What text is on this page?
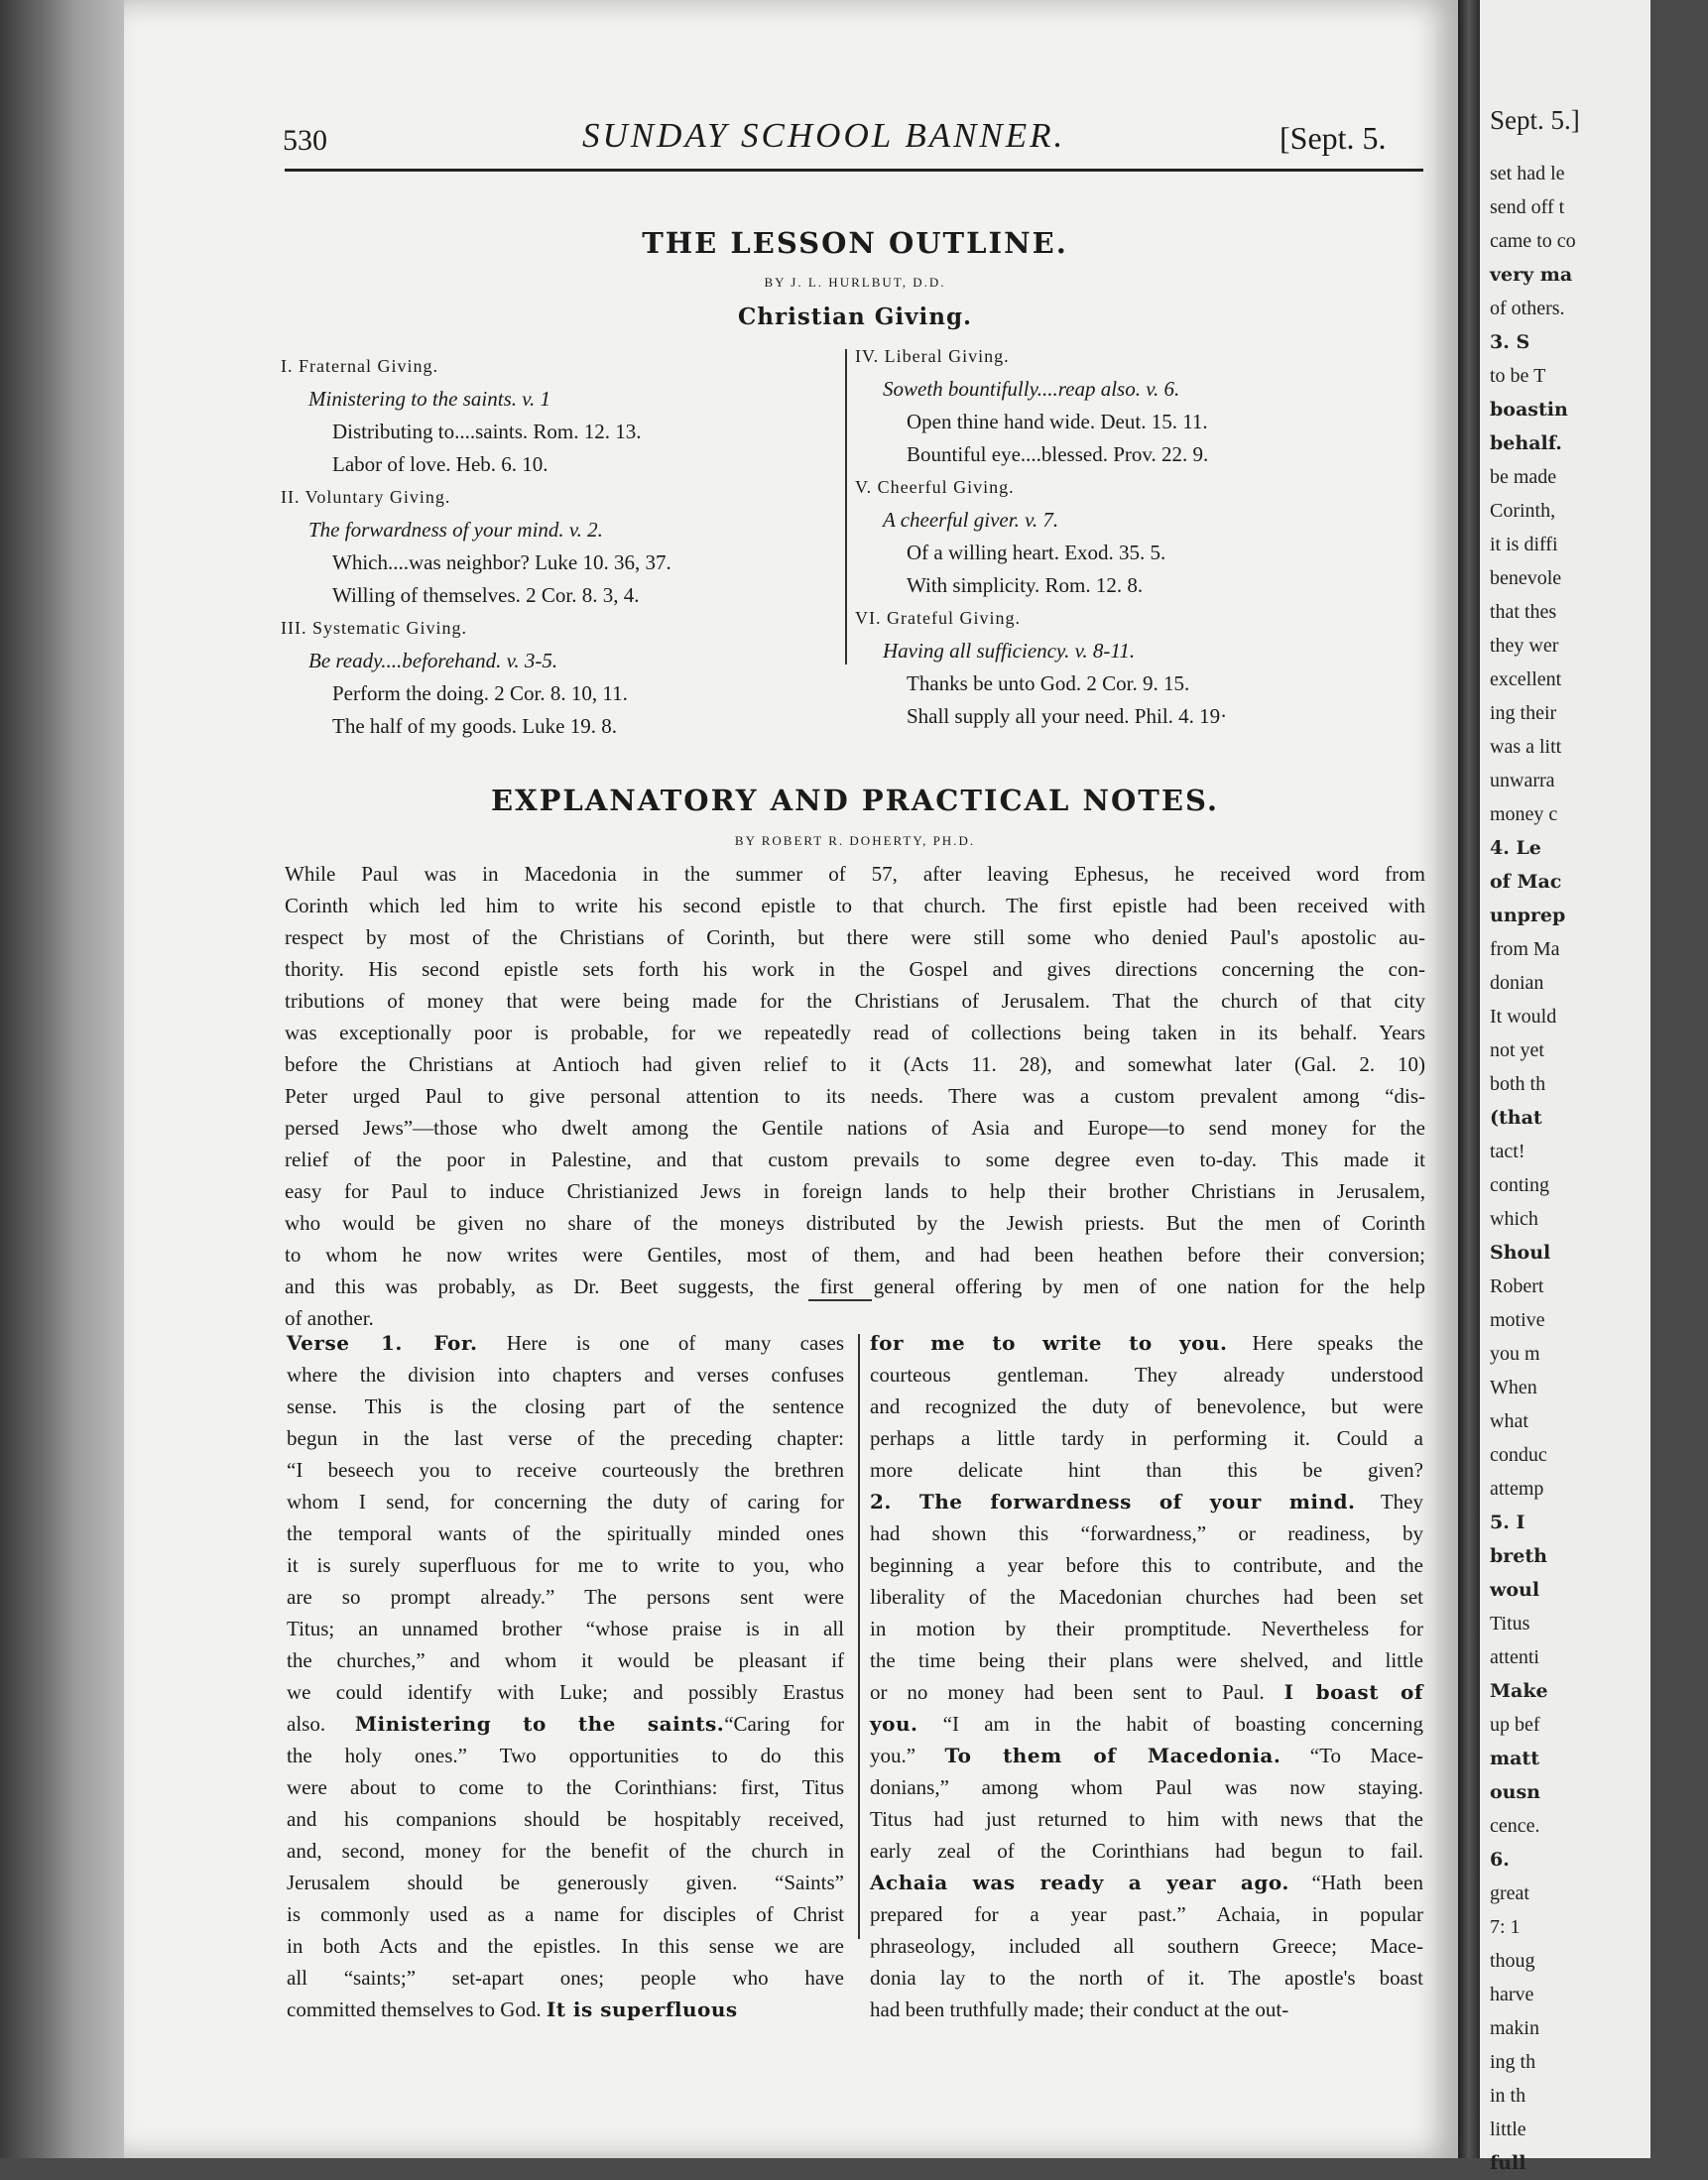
Sept. 5.]
set had le
send off t
came to co
very ma
of others.
3. S
to be T
boastin
behalf.
be made
Corinth,
it is diffi
benevole
that thes
they wer
excellent
ing their
was a litt
unwarra
money c
4. Le
of Mac
unprep
from Ma
donian
It would
not yet
both th
(that
tact!
conting
which
Shoul
Robert
motive
you m
When
what
conduc
attemp
5. I
breth
woul
Titus
attenti
Make
up bef
matt
ousn
cence.
6.
great
7: 1
thoug
harve
makin
ing th
in th
little
full
530	SUNDAY SCHOOL BANNER.	[Sept. 5.
THE LESSON OUTLINE.
BY J. L. HURLBUT, D.D.
Christian Giving.
I. Fraternal Giving.
Ministering to the saints. v. 1
Distributing to....saints. Rom. 12. 13.
Labor of love. Heb. 6. 10.
II. Voluntary Giving.
The forwardness of your mind. v. 2.
Which....was neighbor? Luke 10. 36, 37.
Willing of themselves. 2 Cor. 8. 3, 4.
III. Systematic Giving.
Be ready....beforehand. v. 3-5.
Perform the doing. 2 Cor. 8. 10, 11.
The half of my goods. Luke 19. 8.
IV. Liberal Giving.
Soweth bountifully....reap also. v. 6.
Open thine hand wide. Deut. 15. 11.
Bountiful eye....blessed. Prov. 22. 9.
V. Cheerful Giving.
A cheerful giver. v. 7.
Of a willing heart. Exod. 35. 5.
With simplicity. Rom. 12. 8.
VI. Grateful Giving.
Having all sufficiency. v. 8-11.
Thanks be unto God. 2 Cor. 9. 15.
Shall supply all your need. Phil. 4. 19·
EXPLANATORY AND PRACTICAL NOTES.
BY ROBERT R. DOHERTY, PH.D.
While Paul was in Macedonia in the summer of 57, after leaving Ephesus, he received word from
Corinth which led him to write his second epistle to that church. The first epistle had been received with
respect by most of the Christians of Corinth, but there were still some who denied Paul's apostolic au-
thority. His second epistle sets forth his work in the Gospel and gives directions concerning the con-
tributions of money that were being made for the Christians of Jerusalem. That the church of that city
was exceptionally poor is probable, for we repeatedly read of collections being taken in its behalf. Years
before the Christians at Antioch had given relief to it (Acts 11. 28), and somewhat later (Gal. 2. 10)
Peter urged Paul to give personal attention to its needs. There was a custom prevalent among “dis-
persed Jews”—those who dwelt among the Gentile nations of Asia and Europe—to send money for the
relief of the poor in Palestine, and that custom prevails to some degree even to-day. This made it
easy for Paul to induce Christianized Jews in foreign lands to help their brother Christians in Jerusalem,
who would be given no share of the moneys distributed by the Jewish priests. But the men of Corinth
to whom he now writes were Gentiles, most of them, and had been heathen before their conversion;
and this was probably, as Dr. Beet suggests, the first general offering by men of one nation for the help
of another.
Verse 1. For. Here is one of many cases
where the division into chapters and verses confuses
sense. This is the closing part of the sentence
begun in the last verse of the preceding chapter:
“I beseech you to receive courteously the brethren
whom I send, for concerning the duty of caring for
the temporal wants of the spiritually minded ones
it is surely superfluous for me to write to you, who
are so prompt already.” The persons sent were
Titus; an unnamed brother “whose praise is in all
the churches,” and whom it would be pleasant if
we could identify with Luke; and possibly Erastus
also. Ministering to the saints.“Caring for
the holy ones.” Two opportunities to do this
were about to come to the Corinthians: first, Titus
and his companions should be hospitably received,
and, second, money for the benefit of the church in
Jerusalem should be generously given. “Saints”
is commonly used as a name for disciples of Christ
in both Acts and the epistles. In this sense we are
all “saints;” set-apart ones; people who have
committed themselves to God. It is superfluous
for me to write to you. Here speaks the
courteous gentleman. They already understood
and recognized the duty of benevolence, but were
perhaps a little tardy in performing it. Could a
more delicate hint than this be given?
2. The forwardness of your mind. They
had shown this “forwardness,” or readiness, by
beginning a year before this to contribute, and the
liberality of the Macedonian churches had been set
in motion by their promptitude. Nevertheless for
the time being their plans were shelved, and little
or no money had been sent to Paul. I boast of
you. “I am in the habit of boasting concerning
you.” To them of Macedonia. “To Mace-
donians,” among whom Paul was now staying.
Titus had just returned to him with news that the
early zeal of the Corinthians had begun to fail.
Achaia was ready a year ago. “Hath been
prepared for a year past.” Achaia, in popular
phraseology, included all southern Greece; Mace-
donia lay to the north of it. The apostle's boast
had been truthfully made; their conduct at the out-
